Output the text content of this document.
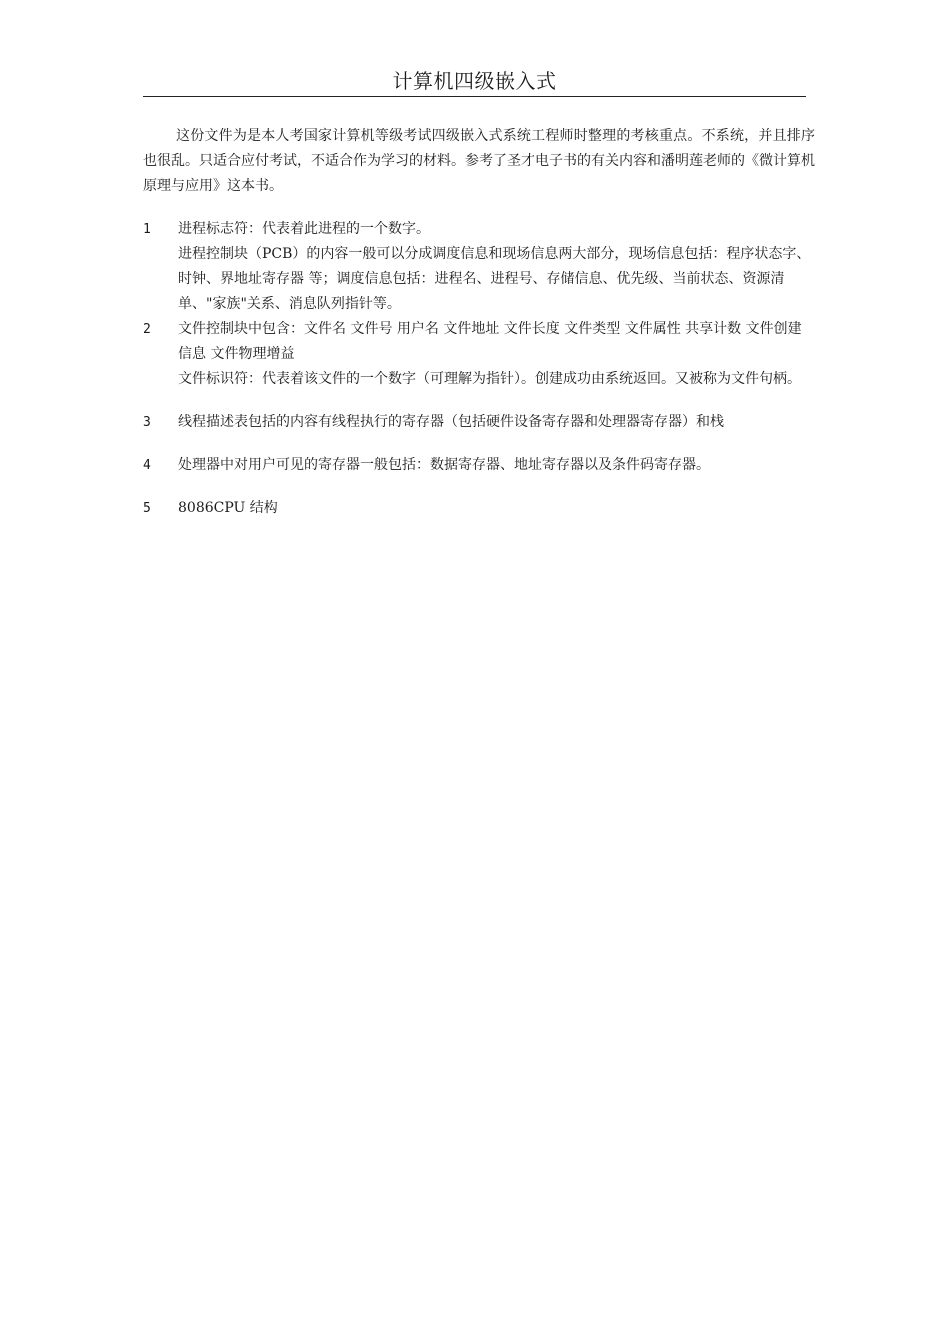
计算机四级嵌入式

这份文件为是本人考国家计算机等级考试四级嵌入式系统工程师时整理的考核重点。不系统，并且排序也很乱。只适合应付考试，不适合作为学习的材料。参考了圣才电子书的有关内容和潘明莲老师的《微计算机原理与应用》这本书。

1	进程标志符：代表着此进程的一个数字。

进程控制块（PCB）的内容一般可以分成调度信息和现场信息两大部分，现场信息包括：程序状态字、时钟、界地址寄存器 等；调度信息包括：进程名、进程号、存储信息、优先级、当前状态、资源清单、"家族"关系、消息队列指针等。

2	文件控制块中包含：文件名 文件号 用户名 文件地址 文件长度 文件类型 文件属性 共享计数 文件创建信息 文件物理增益

文件标识符：代表着该文件的一个数字（可理解为指针）。创建成功由系统返回。又被称为文件句柄。

3	线程描述表包括的内容有线程执行的寄存器（包括硬件设备寄存器和处理器寄存器）和栈

4	处理器中对用户可见的寄存器一般包括：数据寄存器、地址寄存器以及条件码寄存器。

5	8086CPU 结构
